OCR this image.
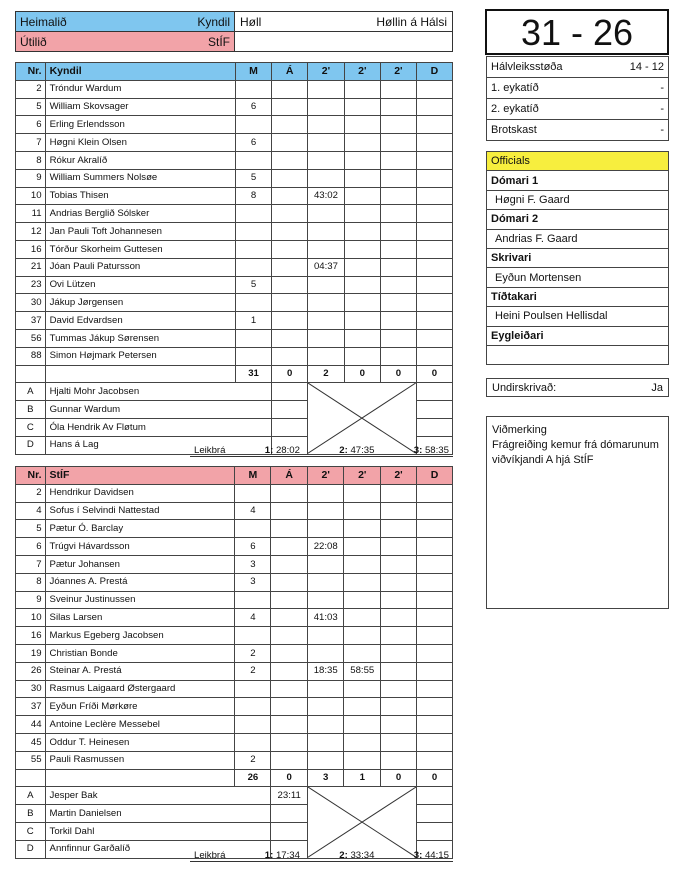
Heimalið Kyndil	Høll Høllin á Hálsi

Útilið StÍF	

Nr.	Kyndil	M	Á	2'	2'	2'	D
2	Tróndur Wardum						
5	William Skovsager	6					
6	Erling Erlendsson						
7	Høgni Klein Olsen	6					
8	Rókur Akralíð						
9	William Summers Nolsøe	5					
10	Tobias Thisen	8		43:02			
11	Andrias Berglið Sólsker						
12	Jan Pauli Toft Johannesen						
16	Tórður Skorheim Guttesen						
21	Jóan Pauli Patursson			04:37			
23	Ovi Lützen	5					
30	Jákup Jørgensen						
37	David Edvardsen	1					
56	Tummas Jákup Sørensen						
88	Simon Højmark Petersen						
		31	0	2	0	0	0
A	Hjalti Mohr Jacobsen		

B	Gunnar Wardum						
C	Óla Hendrik Av Fløtum						
D	Hans á Lag						
Leikbrá	1: 28:02	2: 47:35	3: 58:35
Nr.	StÍF	M	Á	2'	2'	2'	D
2	Hendrikur Davidsen						
4	Sofus í Selvindi Nattestad	4					
5	Pætur Ó. Barclay						
6	Trúgvi Hávardsson	6		22:08			
7	Pætur Johansen	3					
8	Jóannes A. Prestá	3					
9	Sveinur Justinussen						
10	Silas Larsen	4		41:03			
16	Markus Egeberg Jacobsen						
19	Christian Bonde	2					
26	Steinar A. Prestá	2		18:35	58:55		
30	Rasmus Laigaard Østergaard						
37	Eyðun Fríði Mørkøre						
44	Antoine Leclère Messebel						
45	Oddur T. Heinesen						
55	Pauli Rasmussen	2					
		26	0	3	1	0	0
A	Jesper Bak		23:11	

B	Martin Danielsen						
C	Torkil Dahl						
D	Annfinnur Garðalíð						
Leikbrá	1: 17:34	2: 33:34	3: 44:15
31 - 26
Hálvleiksstøða	14 - 12

1. eykatíð	-

2. eykatíð	-

Brotskast	-
Officials
Dómari 1
Høgni F. Gaard
Dómari 2
Andrias F. Gaard
Skrivari
Eyðun Mortensen
Tíðtakari
Heini Poulsen Hellisdal
Eygleiðari

Undirskrivað:	Ja
Viðmerking
Frágreiðing kemur frá dómarunum viðvíkjandi A hjá StÍF
